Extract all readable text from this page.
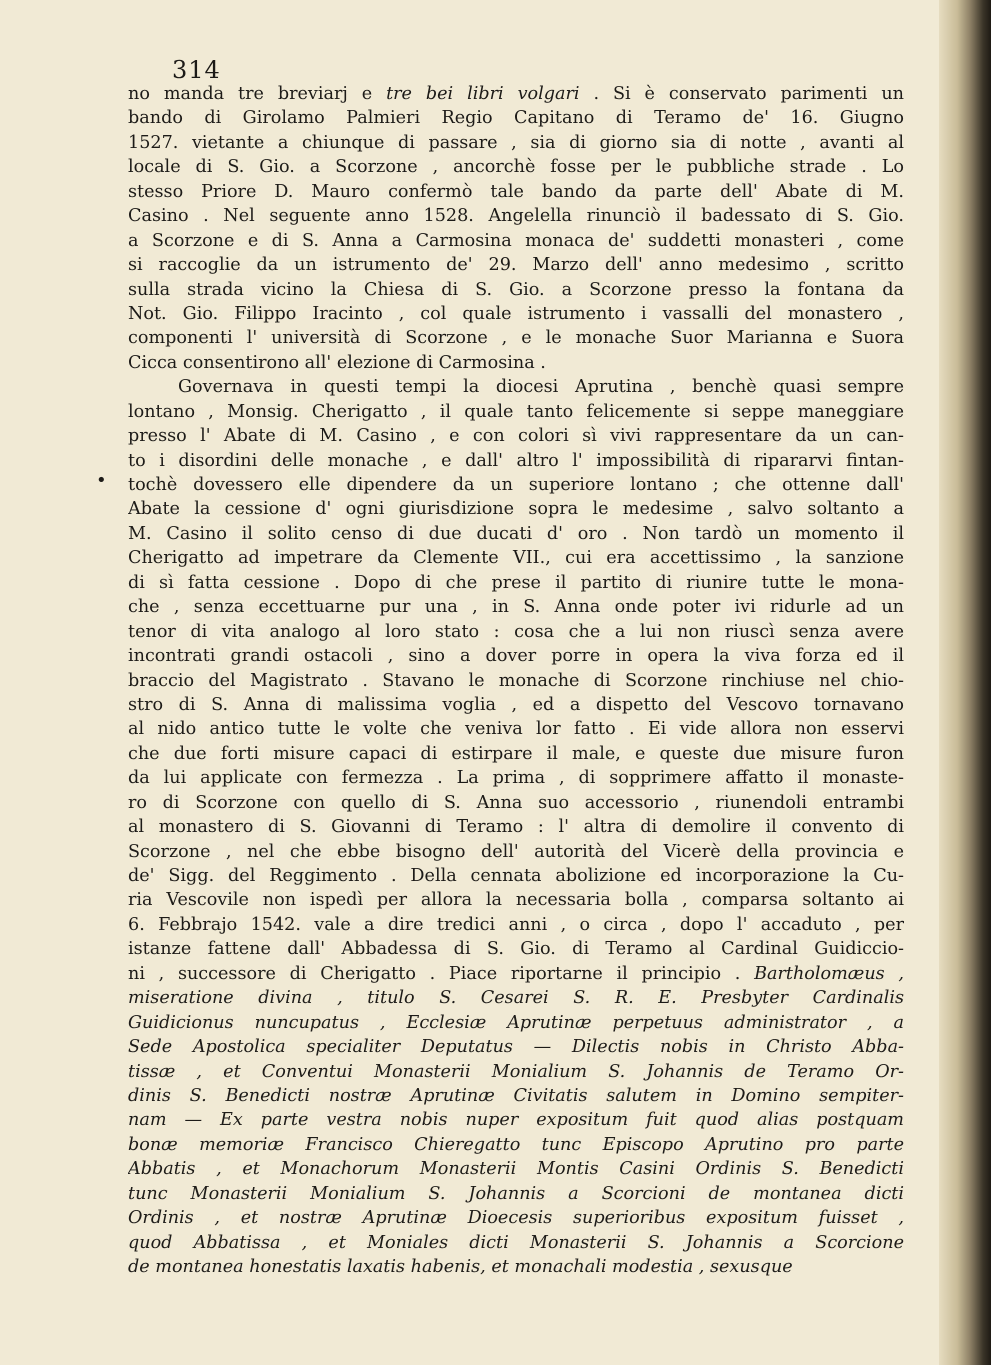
314
•
no manda tre breviarj e tre bei libri volgari . Si è conservato parimenti un
bando di Girolamo Palmieri Regio Capitano di Teramo de' 16. Giugno
1527. vietante a chiunque di passare , sia di giorno sia di notte , avanti al
locale di S. Gio. a Scorzone , ancorchè fosse per le pubbliche strade . Lo
stesso Priore D. Mauro confermò tale bando da parte dell' Abate di M.
Casino . Nel seguente anno 1528. Angelella rinunciò il badessato di S. Gio.
a Scorzone e di S. Anna a Carmosina monaca de' suddetti monasteri , come
si raccoglie da un istrumento de' 29. Marzo dell' anno medesimo , scritto
sulla strada vicino la Chiesa di S. Gio. a Scorzone presso la fontana da
Not. Gio. Filippo Iracinto , col quale istrumento i vassalli del monastero ,
componenti l' università di Scorzone , e le monache Suor Marianna e Suora
Cicca consentirono all' elezione di Carmosina .
Governava in questi tempi la diocesi Aprutina , benchè quasi sempre
lontano , Monsig. Cherigatto , il quale tanto felicemente si seppe maneggiare
presso l' Abate di M. Casino , e con colori sì vivi rappresentare da un can-
to i disordini delle monache , e dall' altro l' impossibilità di ripararvi fintan-
tochè dovessero elle dipendere da un superiore lontano ; che ottenne dall'
Abate la cessione d' ogni giurisdizione sopra le medesime , salvo soltanto a
M. Casino il solito censo di due ducati d' oro . Non tardò un momento il
Cherigatto ad impetrare da Clemente VII., cui era accettissimo , la sanzione
di sì fatta cessione . Dopo di che prese il partito di riunire tutte le mona-
che , senza eccettuarne pur una , in S. Anna onde poter ivi ridurle ad un
tenor di vita analogo al loro stato : cosa che a lui non riuscì senza avere
incontrati grandi ostacoli , sino a dover porre in opera la viva forza ed il
braccio del Magistrato . Stavano le monache di Scorzone rinchiuse nel chio-
stro di S. Anna di malissima voglia , ed a dispetto del Vescovo tornavano
al nido antico tutte le volte che veniva lor fatto . Ei vide allora non esservi
che due forti misure capaci di estirpare il male, e queste due misure furon
da lui applicate con fermezza . La prima , di sopprimere affatto il monaste-
ro di Scorzone con quello di S. Anna suo accessorio , riunendoli entrambi
al monastero di S. Giovanni di Teramo : l' altra di demolire il convento di
Scorzone , nel che ebbe bisogno dell' autorità del Vicerè della provincia e
de' Sigg. del Reggimento . Della cennata abolizione ed incorporazione la Cu-
ria Vescovile non ispedì per allora la necessaria bolla , comparsa soltanto ai
6. Febbrajo 1542. vale a dire tredici anni , o circa , dopo l' accaduto , per
istanze fattene dall' Abbadessa di S. Gio. di Teramo al Cardinal Guidiccio-
ni , successore di Cherigatto . Piace riportarne il principio . Bartholomæus ,
miseratione divina , titulo S. Cesarei S. R. E. Presbyter Cardinalis
Guidicionus nuncupatus , Ecclesiæ Aprutinæ perpetuus administrator , a
Sede Apostolica specialiter Deputatus — Dilectis nobis in Christo Abba-
tissæ , et Conventui Monasterii Monialium S. Johannis de Teramo Or-
dinis S. Benedicti nostræ Aprutinæ Civitatis salutem in Domino sempiter-
nam — Ex parte vestra nobis nuper expositum fuit quod alias postquam
bonæ memoriæ Francisco Chieregatto tunc Episcopo Aprutino pro parte
Abbatis , et Monachorum Monasterii Montis Casini Ordinis S. Benedicti
tunc Monasterii Monialium S. Johannis a Scorcioni de montanea dicti
Ordinis , et nostræ Aprutinæ Dioecesis superioribus expositum fuisset ,
quod Abbatissa , et Moniales dicti Monasterii S. Johannis a Scorcione
de montanea honestatis laxatis habenis, et monachali modestia , sexusque
